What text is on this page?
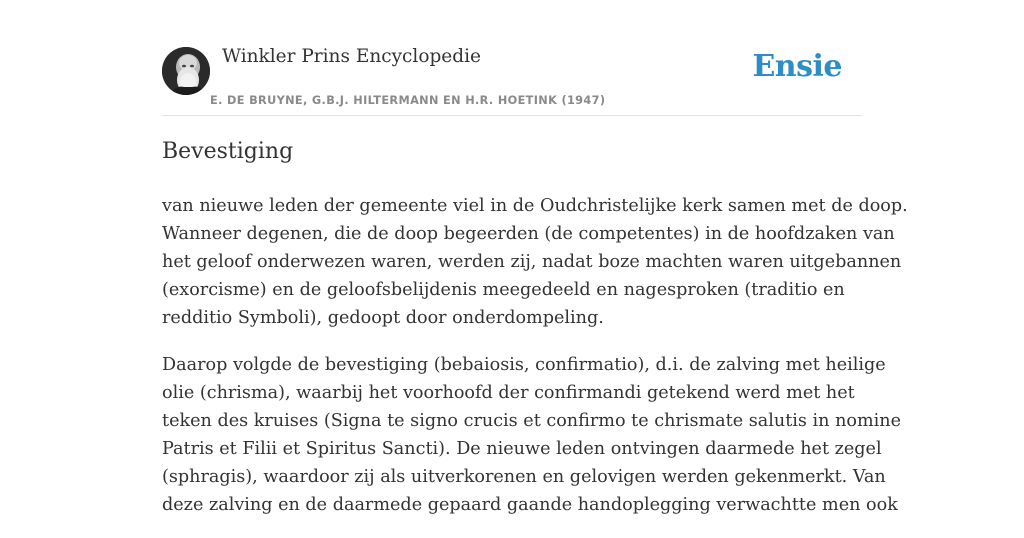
Winkler Prins Encyclopedie
E. DE BRUYNE, G.B.J. HILTERMANN EN H.R. HOETINK (1947)
Ensie
Bevestiging

van nieuwe leden der gemeente viel in de Oudchristelijke kerk samen met de doop.
Wanneer degenen, die de doop begeerden (de competentes) in de hoofdzaken van
het geloof onderwezen waren, werden zij, nadat boze machten waren uitgebannen
(exorcisme) en de geloofsbelijdenis meegedeeld en nagesproken (traditio en
redditio Symboli), gedoopt door onderdompeling.

Daarop volgde de bevestiging (bebaiosis, confirmatio), d.i. de zalving met heilige
olie (chrisma), waarbij het voorhoofd der confirmandi getekend werd met het
teken des kruises (Signa te signo crucis et confirmo te chrismate salutis in nomine
Patris et Filii et Spiritus Sancti). De nieuwe leden ontvingen daarmede het zegel
(sphragis), waardoor zij als uitverkorenen en gelovigen werden gekenmerkt. Van
deze zalving en de daarmede gepaard gaande handoplegging verwachtte men ook
